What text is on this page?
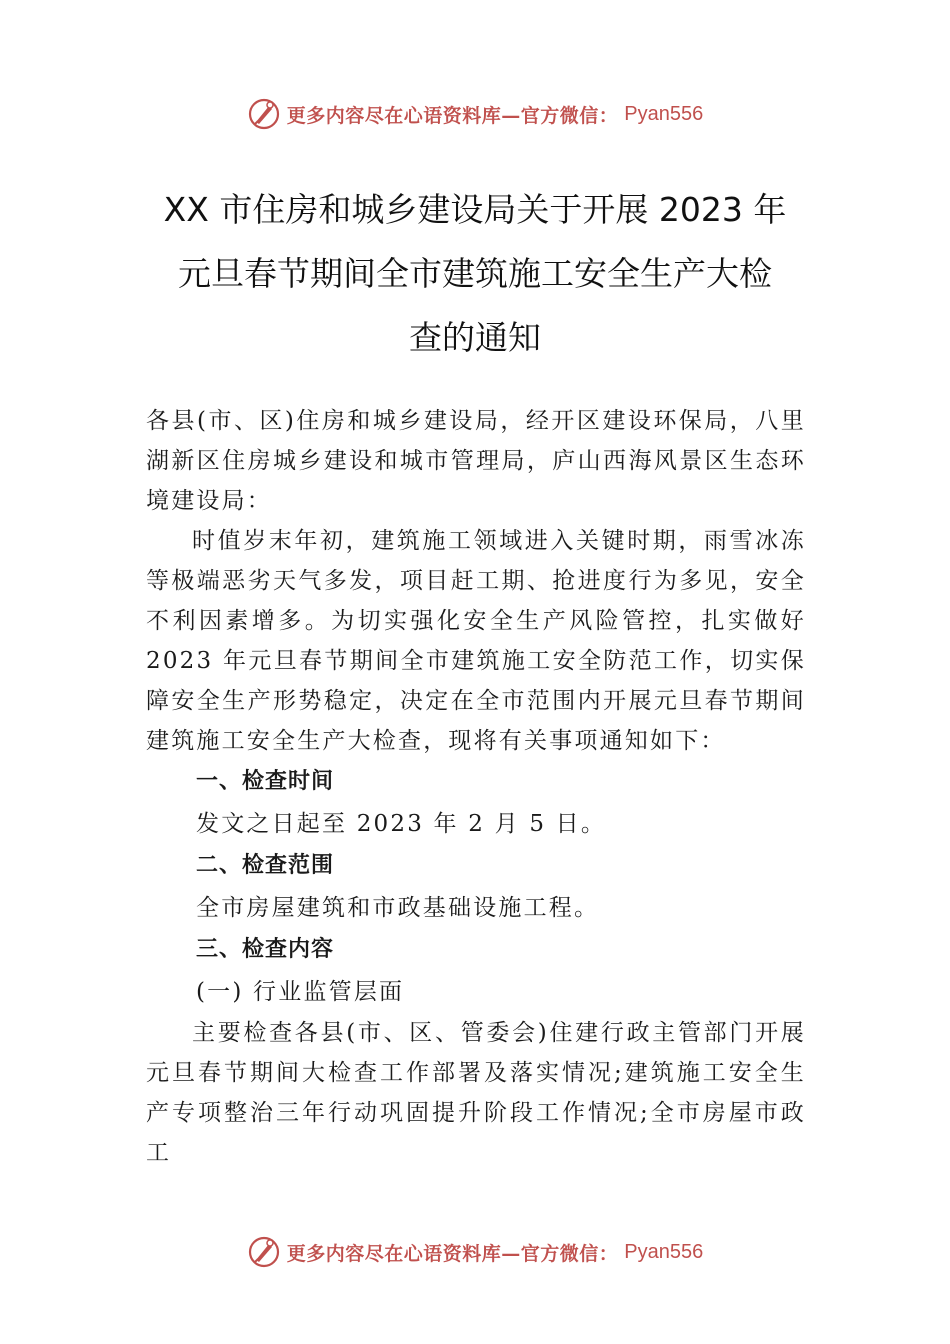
更多内容尽在心语资料库—官方微信： Pyan556
XX 市住房和城乡建设局关于开展 2023 年
元旦春节期间全市建筑施工安全生产大检
查的通知

各县(市、区)住房和城乡建设局，经开区建设环保局，八里湖新区住房城乡建设和城市管理局，庐山西海风景区生态环境建设局：

时值岁末年初，建筑施工领域进入关键时期，雨雪冰冻等极端恶劣天气多发，项目赶工期、抢进度行为多见，安全不利因素增多。为切实强化安全生产风险管控，扎实做好 2023 年元旦春节期间全市建筑施工安全防范工作，切实保障安全生产形势稳定，决定在全市范围内开展元旦春节期间建筑施工安全生产大检查，现将有关事项通知如下：

一、检查时间

发文之日起至 2023 年 2 月 5 日。

二、检查范围

全市房屋建筑和市政基础设施工程。

三、检查内容

(一) 行业监管层面

主要检查各县(市、区、管委会)住建行政主管部门开展元旦春节期间大检查工作部署及落实情况;建筑施工安全生产专项整治三年行动巩固提升阶段工作情况;全市房屋市政工

更多内容尽在心语资料库—官方微信： Pyan556
